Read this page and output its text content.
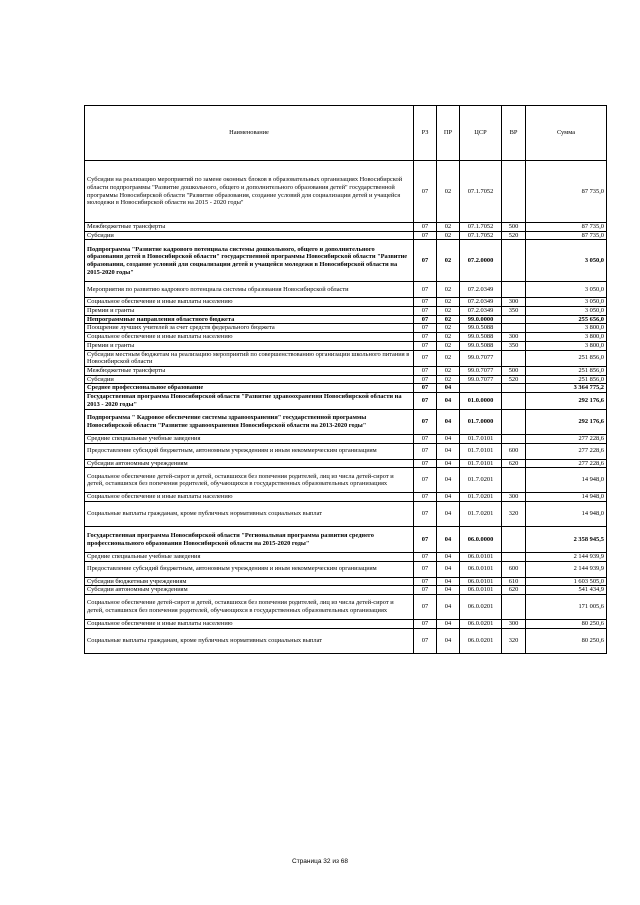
Наименование	РЗ	ПР	ЦСР	ВР	Сумма
Субсидии на реализацию мероприятий по замене оконных блоков в образовательных организациях Новосибирской области подпрограммы "Развитие дошкольного, общего и дополнительного образования детей" государственной программы Новосибирской области "Развитие образования, создание условий для социализации детей и учащейся молодежи в Новосибирской области на 2015 - 2020 годы"	07	02	07.1.7052		87 735,0
Межбюджетные трансферты	07	02	07.1.7052	500	87 735,0
Субсидии	07	02	07.1.7052	520	87 735,0
Подпрограмма "Развитие кадрового потенциала системы дошкольного, общего и дополнительного образования детей в Новосибирской области" государственной программы Новосибирской области "Развитие образования, создание условий для социализации детей и учащейся молодежи в Новосибирской области на 2015-2020 годы"	07	02	07.2.0000		3 050,0
Мероприятия по развитию кадрового потенциала системы образования Новосибирской области	07	02	07.2.0349		3 050,0
Социальное обеспечение и иные выплаты населению	07	02	07.2.0349	300	3 050,0
Премии и гранты	07	02	07.2.0349	350	3 050,0
Непрограммные направления областного бюджета	07	02	99.0.0000		255 656,0
Поощрение лучших учителей за счет средств федерального бюджета	07	02	99.0.5088		3 800,0
Социальное обеспечение и иные выплаты населению	07	02	99.0.5088	300	3 800,0
Премии и гранты	07	02	99.0.5088	350	3 800,0
Субсидии местным бюджетам на реализацию мероприятий по совершенствованию организации школьного питания в Новосибирской области	07	02	99.0.7077		251 856,0
Межбюджетные трансферты	07	02	99.0.7077	500	251 856,0
Субсидии	07	02	99.0.7077	520	251 856,0
Среднее профессиональное образование	07	04			3 364 775,2
Государственная программа Новосибирской области "Развитие здравоохранения Новосибирской области на 2013 - 2020 годы"	07	04	01.0.0000		292 176,6
Подпрограмма " Кадровое обеспечение системы здравоохранения" государственной программы Новосибирской области "Развитие здравоохранения Новосибирской области на 2013-2020 годы"	07	04	01.7.0000		292 176,6
Средние специальные учебные заведения	07	04	01.7.0101		277 228,6
Предоставление субсидий бюджетным, автономным учреждениям и иным некоммерческим организациям	07	04	01.7.0101	600	277 228,6
Субсидии автономным учреждениям	07	04	01.7.0101	620	277 228,6
Социальное обеспечение детей-сирот и детей, оставшихся без попечения родителей, лиц из числа детей-сирот и детей, оставшихся без попечения родителей, обучающихся в государственных образовательных организациях	07	04	01.7.0201		14 948,0
Социальное обеспечение и иные выплаты населению	07	04	01.7.0201	300	14 948,0
Социальные выплаты гражданам, кроме публичных нормативных социальных выплат	07	04	01.7.0201	320	14 948,0
Государственная программа Новосибирской области "Региональная программа развития среднего профессионального образования Новосибирской области на 2015-2020 годы"	07	04	06.0.0000		2 358 945,5
Средние специальные учебные заведения	07	04	06.0.0101		2 144 939,9
Предоставление субсидий бюджетным, автономным учреждениям и иным некоммерческим организациям	07	04	06.0.0101	600	2 144 939,9
Субсидии бюджетным учреждениям	07	04	06.0.0101	610	1 603 505,0
Субсидии автономным учреждениям	07	04	06.0.0101	620	541 434,9
Социальное обеспечение детей-сирот и детей, оставшихся без попечения родителей, лиц из числа детей-сирот и детей, оставшихся без попечения родителей, обучающихся в государственных образовательных организациях	07	04	06.0.0201		171 005,6
Социальное обеспечение и иные выплаты населению	07	04	06.0.0201	300	80 250,6
Социальные выплаты гражданам, кроме публичных нормативных социальных выплат	07	04	06.0.0201	320	80 250,6
Страница 32 из 68
